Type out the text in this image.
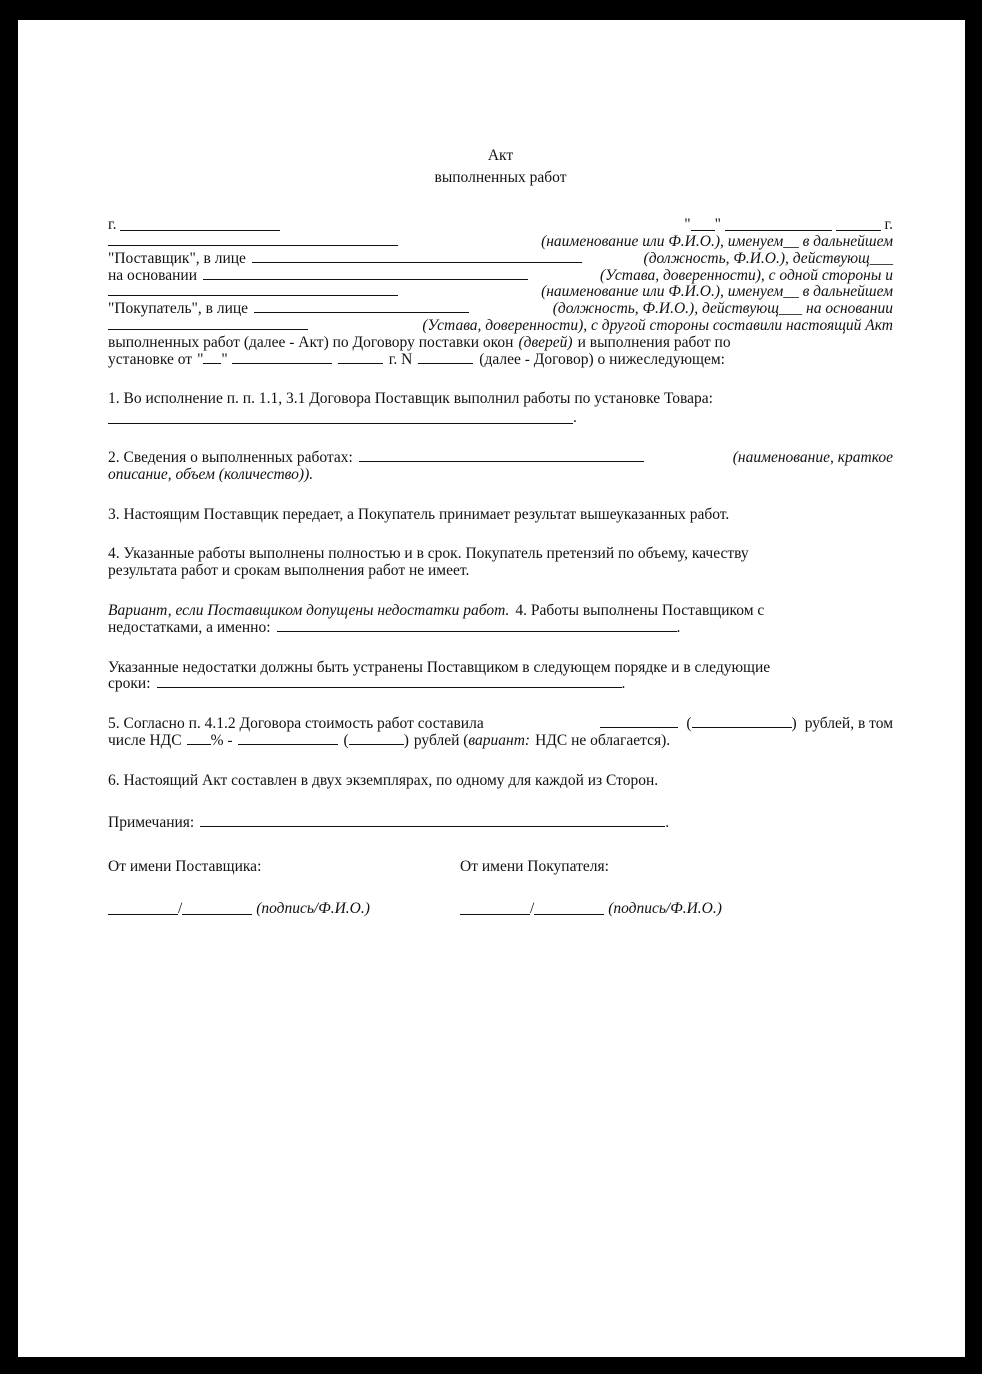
Акт
выполненных работ
г.	" "	г.
(наименование или Ф.И.О.), именуем__ в дальнейшем
"Поставщик", в лице	(должность, Ф.И.О.), действующ___
на основании	(Устава, доверенности), с одной стороны и
(наименование или Ф.И.О.), именуем__ в дальнейшем
"Покупатель", в лице	(должность, Ф.И.О.), действующ___ на основании
(Устава, доверенности), с другой стороны составили настоящий Акт
выполненных работ (далее - Акт) по Договору поставки окон (дверей) и выполнения работ по
установке от " "	г. N	(далее - Договор) о нижеследующем:

1. Во исполнение п. п. 1.1, 3.1 Договора Поставщик выполнил работы по установке Товара:

.
2. Сведения о выполненных работах:	(наименование, краткое

описание, объем (количество)).

3. Настоящим Поставщик передает, а Покупатель принимает результат вышеуказанных работ.

4. Указанные работы выполнены полностью и в срок. Покупатель претензий по объему, качеству

результата работ и срокам выполнения работ не имеет.

Вариант, если Поставщиком допущены недостатки работ. 4. Работы выполнены Поставщиком с
недостатками, а именно:	.

Указанные недостатки должны быть устранены Поставщиком в следующем порядке и в следующие

сроки:	.
5. Согласно п. 4.1.2 Договора стоимость работ составила	(	) рублей, в том
числе НДС % -	(	) рублей ( вариант: НДС не облагается).

6. Настоящий Акт составлен в двух экземплярах, по одному для каждой из Сторон.

Примечания:	.
От имени Поставщика:	От имени Покупателя:
/	(подпись/Ф.И.О.)	/	(подпись/Ф.И.О.)
